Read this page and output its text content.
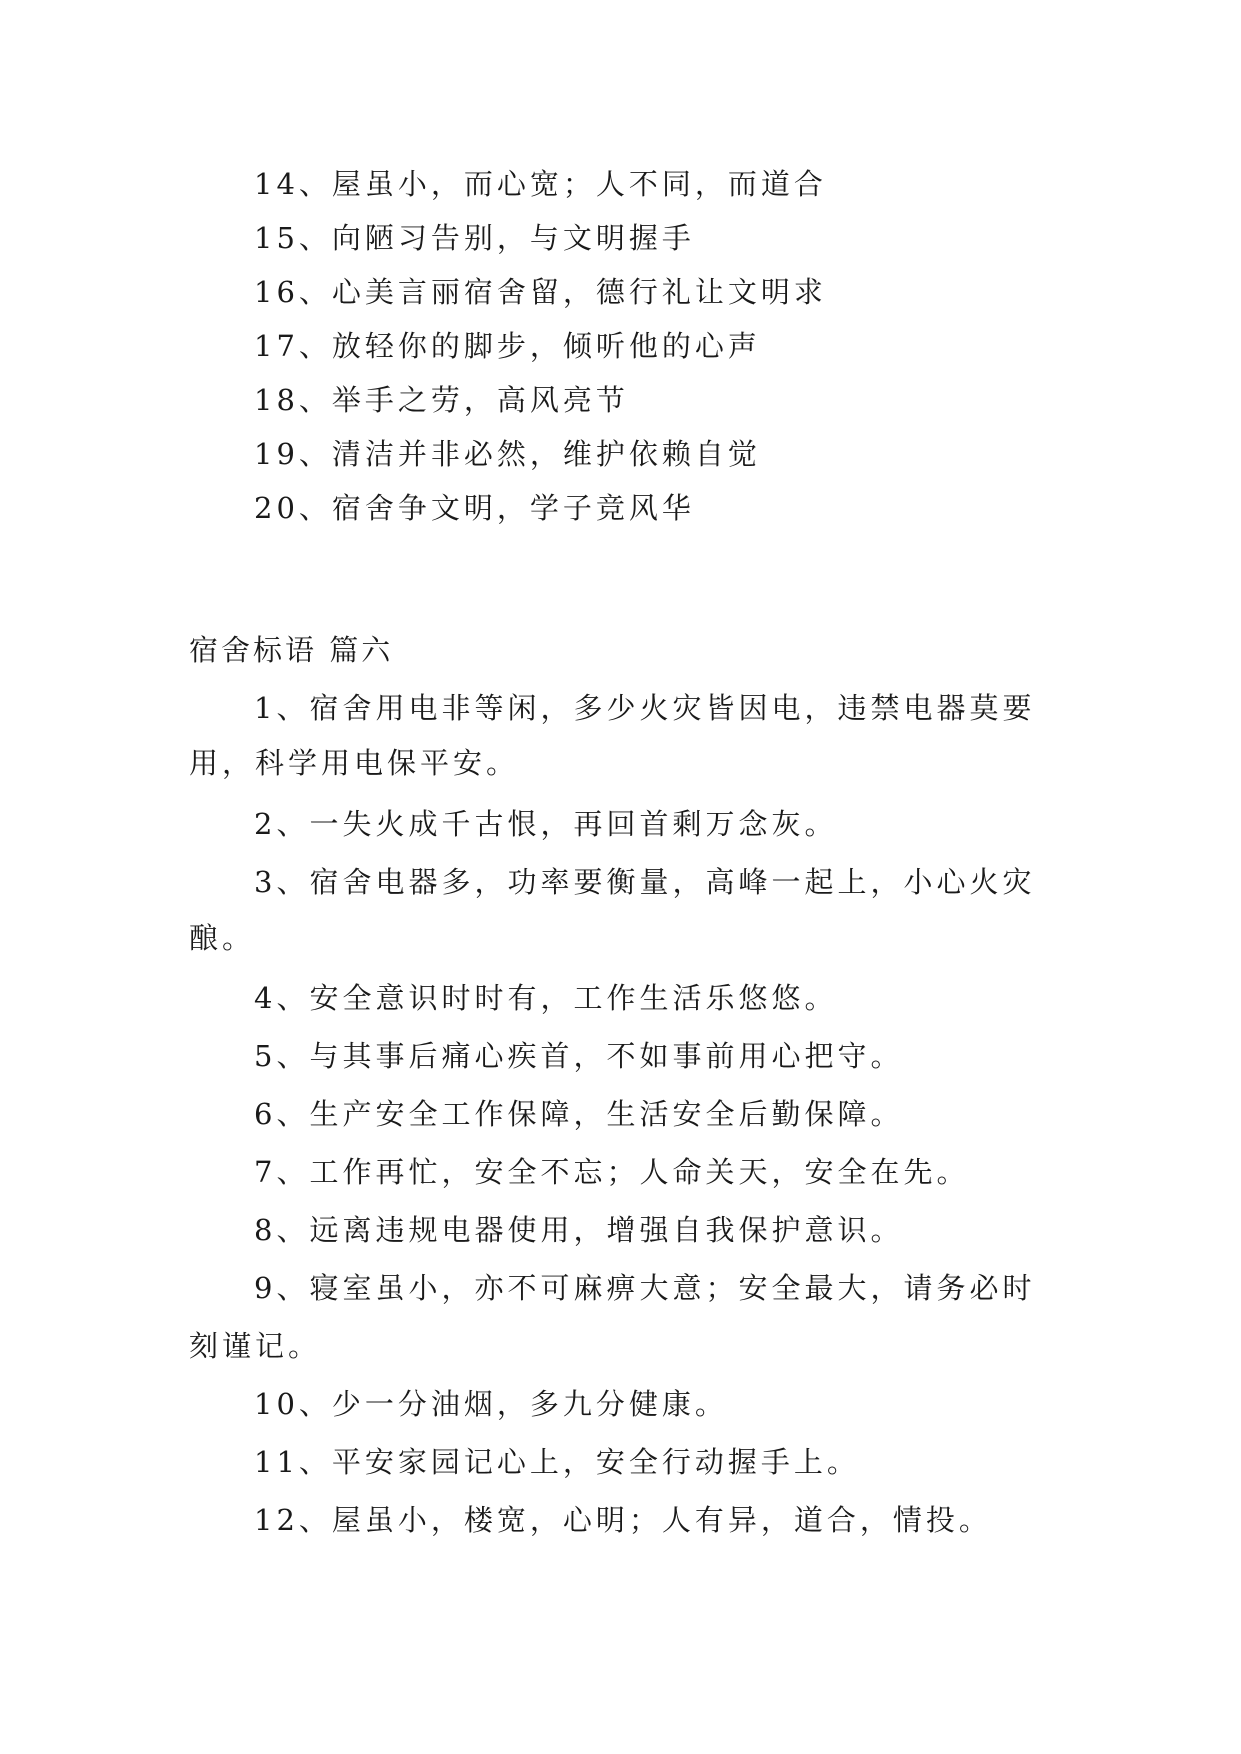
14、屋虽小，而心宽；人不同，而道合
15、向陋习告别，与文明握手
16、心美言丽宿舍留，德行礼让文明求
17、放轻你的脚步，倾听他的心声
18、举手之劳，高风亮节
19、清洁并非必然，维护依赖自觉
20、宿舍争文明，学子竞风华
宿舍标语 篇六
1、宿舍用电非等闲，多少火灾皆因电，违禁电器莫要
用，科学用电保平安。
2、一失火成千古恨，再回首剩万念灰。
3、宿舍电器多，功率要衡量，高峰一起上，小心火灾
酿。
4、安全意识时时有，工作生活乐悠悠。
5、与其事后痛心疾首，不如事前用心把守。
6、生产安全工作保障，生活安全后勤保障。
7、工作再忙，安全不忘；人命关天，安全在先。
8、远离违规电器使用，增强自我保护意识。
9、寝室虽小，亦不可麻痹大意；安全最大，请务必时
刻谨记。
10、少一分油烟，多九分健康。
11、平安家园记心上，安全行动握手上。
12、屋虽小，楼宽，心明；人有异，道合，情投。
